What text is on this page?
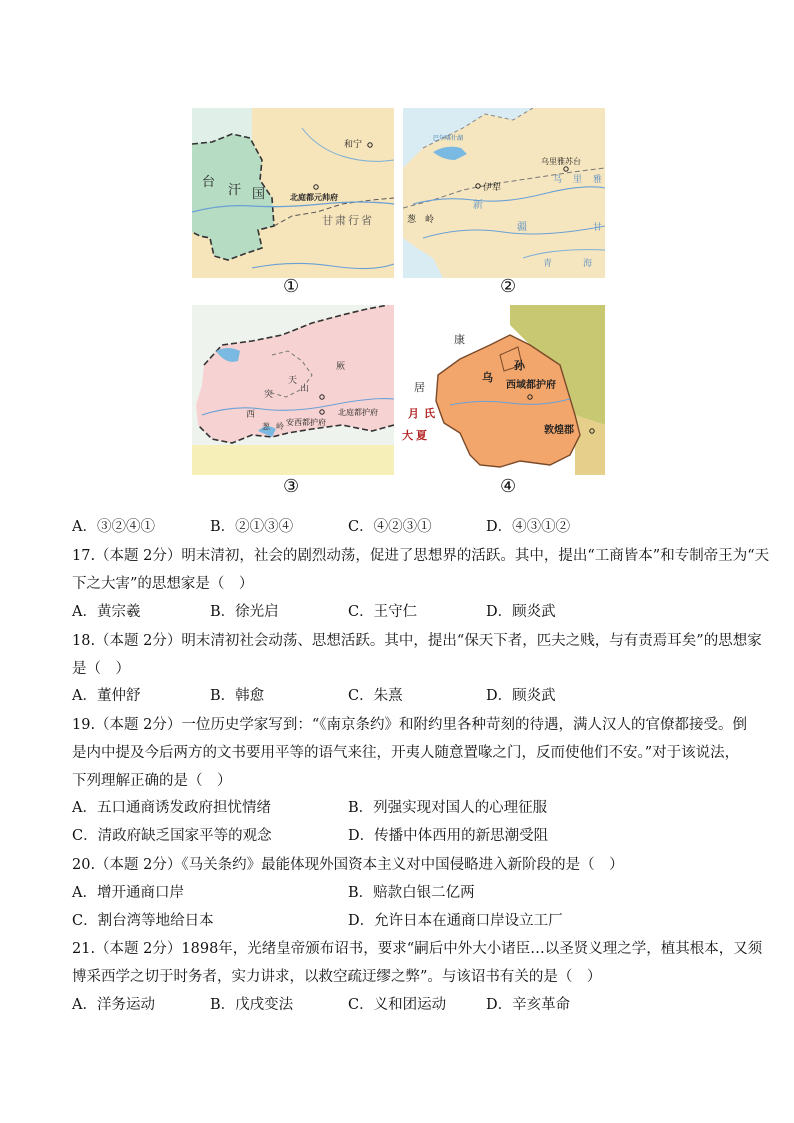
和宁
台
汗 国	北庭都元帅府
甘肃行省
①
巴尔喀什湖
乌里雅苏台
乌 里 雅
伊犁
新
疆
葱 岭
甘
青	海
②
突
天
山
厥
北庭都护府
安西都护府
西
葱 岭
③
康
居
乌
孙
西域都护府
敦煌郡
月 氏
大 夏
④
A．③②④①	B．②①③④	C．④②③①	D．④③①②
17.（本题 2分）明末清初，社会的剧烈动荡，促进了思想界的活跃。其中，提出“工商皆本”和专制帝王为“天
下之大害”的思想家是（　）
A．黄宗羲	B．徐光启	C．王守仁	D．顾炎武
18.（本题 2分）明末清初社会动荡、思想活跃。其中，提出“保天下者，匹夫之贱，与有责焉耳矣”的思想家
是（　）
A．董仲舒	B．韩愈	C．朱熹	D．顾炎武
19.（本题 2分）一位历史学家写到：“《南京条约》和附约里各种苛刻的待遇，满人汉人的官僚都接受。倒
是内中提及今后两方的文书要用平等的语气来往，开夷人随意置喙之门，反而使他们不安。”对于该说法，
下列理解正确的是（　）
A．五口通商诱发政府担忧情绪	B．列强实现对国人的心理征服
C．清政府缺乏国家平等的观念	D．传播中体西用的新思潮受阻
20.（本题 2分）《马关条约》最能体现外国资本主义对中国侵略进入新阶段的是（　）
A．增开通商口岸	B．赔款白银二亿两
C．割台湾等地给日本	D．允许日本在通商口岸设立工厂
21.（本题 2分）1898年，光绪皇帝颁布诏书，要求“嗣后中外大小诸臣…以圣贤义理之学，植其根本，又须
博采西学之切于时务者，实力讲求，以救空疏迂缪之弊”。与该诏书有关的是（　）
A．洋务运动	B．戊戌变法	C．义和团运动	D．辛亥革命
